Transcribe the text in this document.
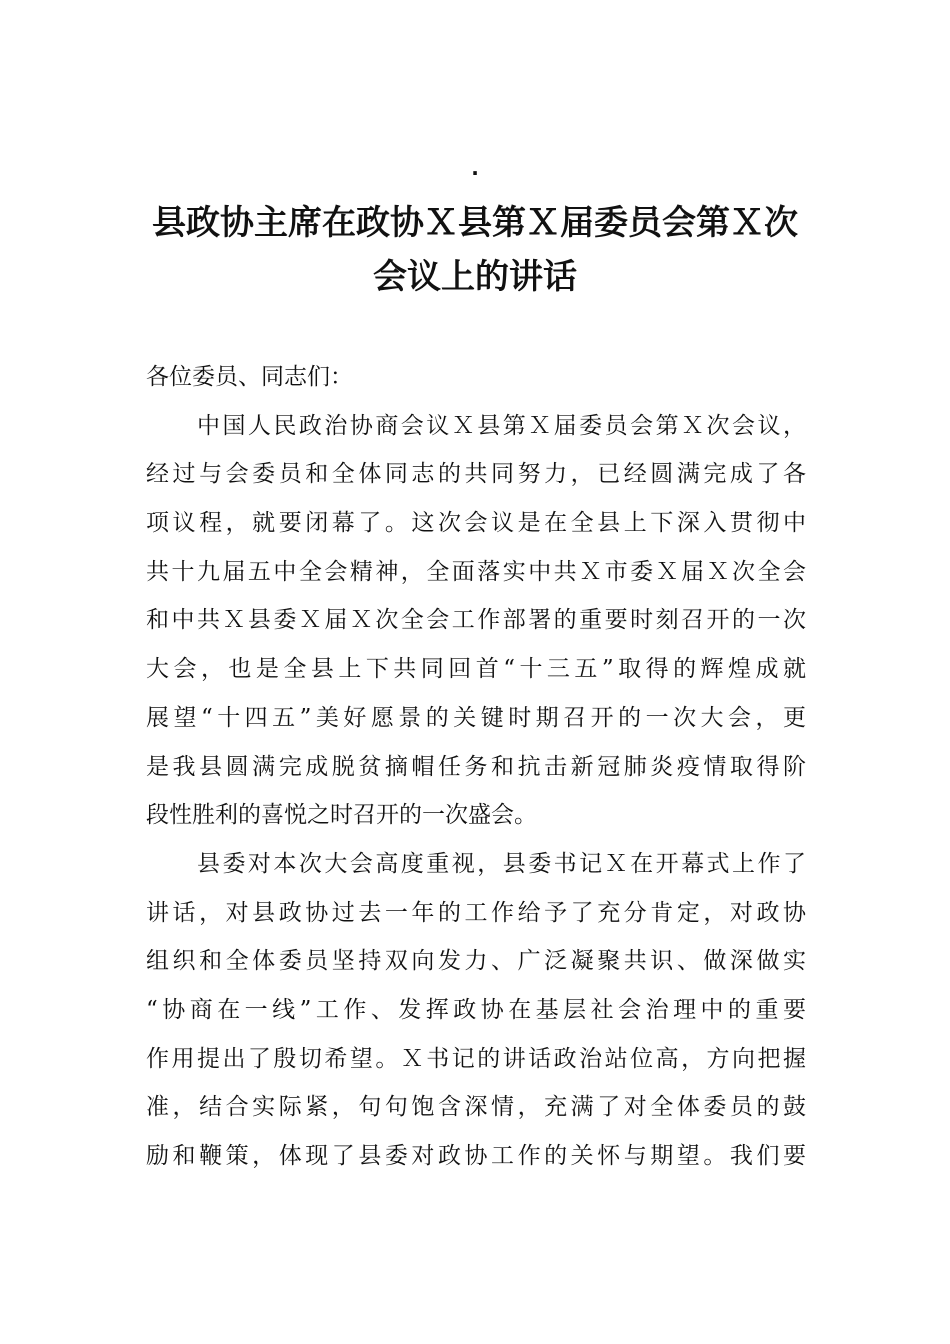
.
县政协主席在政协Ｘ县第Ｘ届委员会第Ｘ次
会议上的讲话
各位委员、同志们：
　　中国人民政治协商会议Ｘ县第Ｘ届委员会第Ｘ次会议，
经过与会委员和全体同志的共同努力，已经圆满完成了各
项议程，就要闭幕了。这次会议是在全县上下深入贯彻中
共十九届五中全会精神，全面落实中共Ｘ市委Ｘ届Ｘ次全会
和中共Ｘ县委Ｘ届Ｘ次全会工作部署的重要时刻召开的一次
大会，也是全县上下共同回首“十三五”取得的辉煌成就
展望“十四五”美好愿景的关键时期召开的一次大会，更
是我县圆满完成脱贫摘帽任务和抗击新冠肺炎疫情取得阶
段性胜利的喜悦之时召开的一次盛会。
　　县委对本次大会高度重视，县委书记Ｘ在开幕式上作了
讲话，对县政协过去一年的工作给予了充分肯定，对政协
组织和全体委员坚持双向发力、广泛凝聚共识、做深做实
“协商在一线”工作、发挥政协在基层社会治理中的重要
作用提出了殷切希望。Ｘ书记的讲话政治站位高，方向把握
准，结合实际紧，句句饱含深情，充满了对全体委员的鼓
励和鞭策，体现了县委对政协工作的关怀与期望。我们要
